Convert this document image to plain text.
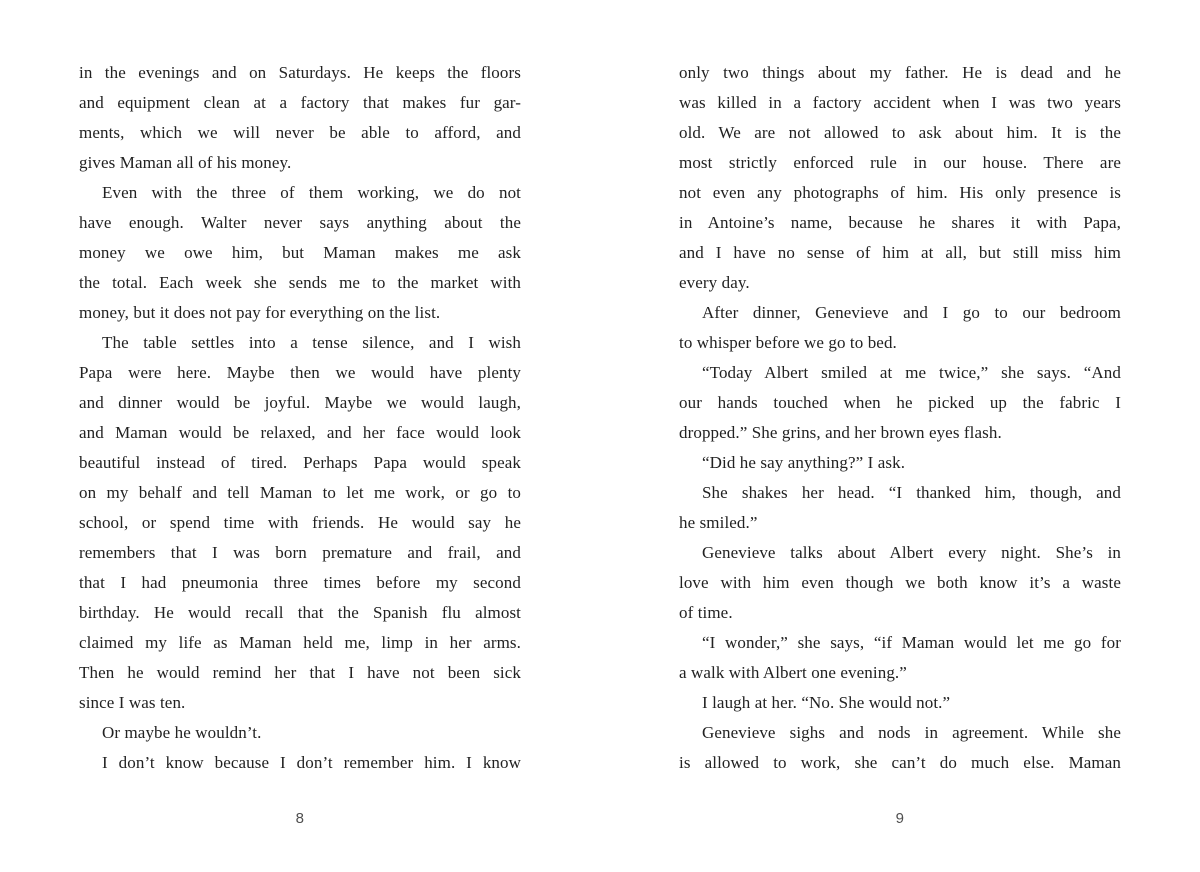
in the evenings and on Saturdays. He keeps the floors
and equipment clean at a factory that makes fur gar-
ments, which we will never be able to afford, and
gives Maman all of his money.
Even with the three of them working, we do not
have enough. Walter never says anything about the
money we owe him, but Maman makes me ask
the total. Each week she sends me to the market with
money, but it does not pay for everything on the list.
The table settles into a tense silence, and I wish
Papa were here. Maybe then we would have plenty
and dinner would be joyful. Maybe we would laugh,
and Maman would be relaxed, and her face would look
beautiful instead of tired. Perhaps Papa would speak
on my behalf and tell Maman to let me work, or go to
school, or spend time with friends. He would say he
remembers that I was born premature and frail, and
that I had pneumonia three times before my second
birthday. He would recall that the Spanish flu almost
claimed my life as Maman held me, limp in her arms.
Then he would remind her that I have not been sick
since I was ten.
Or maybe he wouldn’t.
I don’t know because I don’t remember him. I know
8
only two things about my father. He is dead and he
was killed in a factory accident when I was two years
old. We are not allowed to ask about him. It is the
most strictly enforced rule in our house. There are
not even any photographs of him. His only presence is
in Antoine’s name, because he shares it with Papa,
and I have no sense of him at all, but still miss him
every day.
After dinner, Genevieve and I go to our bedroom
to whisper before we go to bed.
“Today Albert smiled at me twice,” she says. “And
our hands touched when he picked up the fabric I
dropped.” She grins, and her brown eyes flash.
“Did he say anything?” I ask.
She shakes her head. “I thanked him, though, and
he smiled.”
Genevieve talks about Albert every night. She’s in
love with him even though we both know it’s a waste
of time.
“I wonder,” she says, “if Maman would let me go for
a walk with Albert one evening.”
I laugh at her. “No. She would not.”
Genevieve sighs and nods in agreement. While she
is allowed to work, she can’t do much else. Maman
9
